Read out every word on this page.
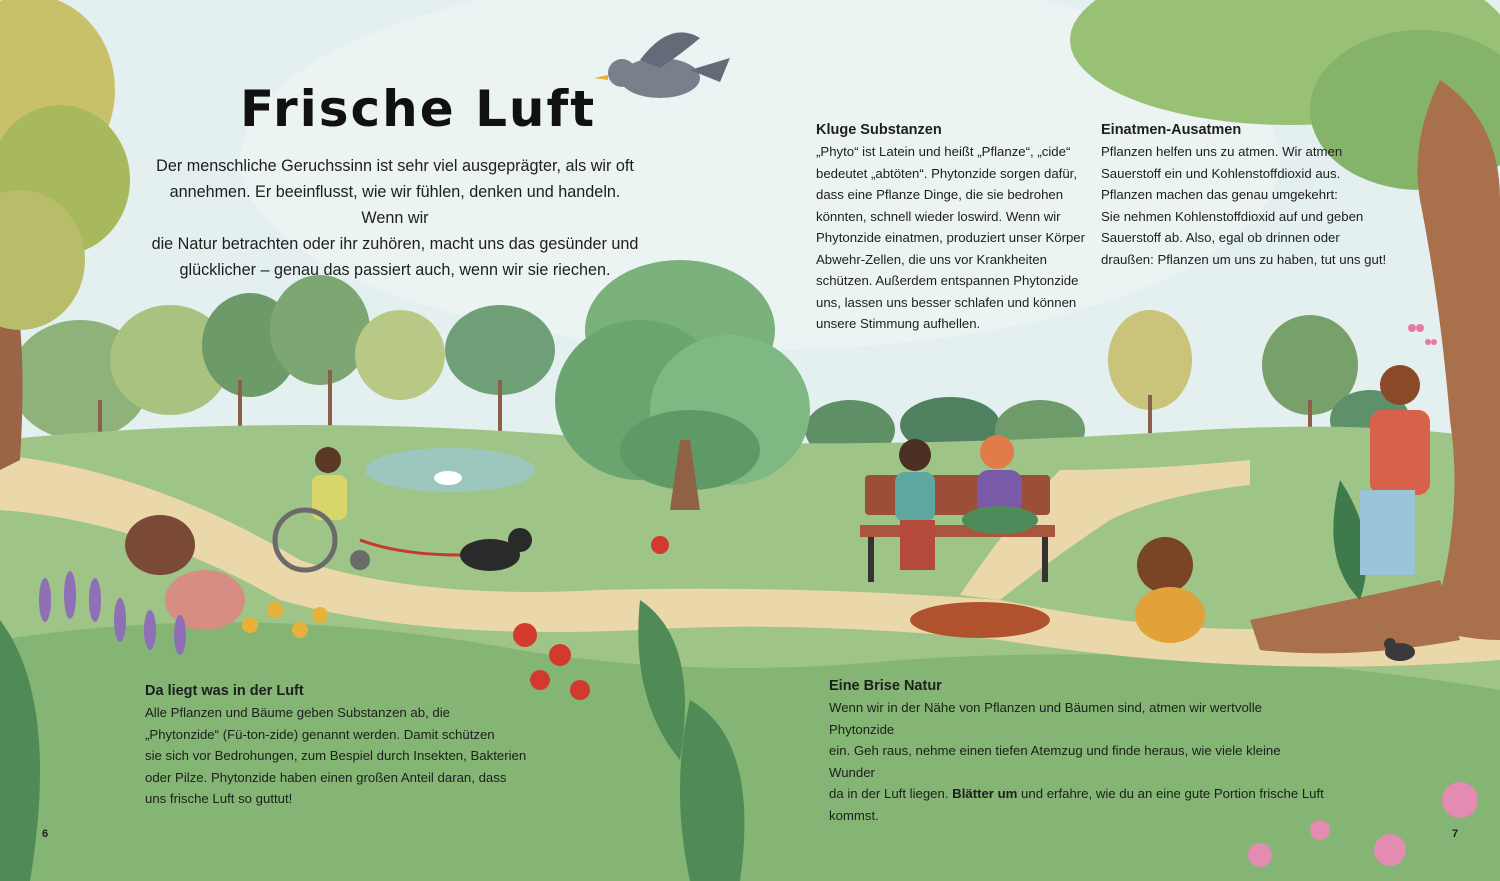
Frische Luft

Der menschliche Geruchssinn ist sehr viel ausgeprägter, als wir oft

annehmen. Er beeinflusst, wie wir fühlen, denken und handeln. Wenn wir

die Natur betrachten oder ihr zuhören, macht uns das gesünder und

glücklicher – genau das passiert auch, wenn wir sie riechen.

Kluge Substanzen

„Phyto“ ist Latein und heißt „Pflanze“, „cide“

bedeutet „abtöten“. Phytonzide sorgen dafür,

dass eine Pflanze Dinge, die sie bedrohen

könnten, schnell wieder loswird. Wenn wir

Phytonzide einatmen, produziert unser Körper

Abwehr-Zellen, die uns vor Krankheiten

schützen. Außerdem entspannen Phytonzide

uns, lassen uns besser schlafen und können

unsere Stimmung aufhellen.

Einatmen-Ausatmen

Pflanzen helfen uns zu atmen. Wir atmen

Sauerstoff ein und Kohlenstoffdioxid aus.

Pflanzen machen das genau umgekehrt:

Sie nehmen Kohlenstoffdioxid auf und geben

Sauerstoff ab. Also, egal ob drinnen oder

draußen: Pflanzen um uns zu haben, tut uns gut!

Da liegt was in der Luft

Alle Pflanzen und Bäume geben Substanzen ab, die

„Phytonzide“ (Fü-ton-zide) genannt werden. Damit schützen

sie sich vor Bedrohungen, zum Bespiel durch Insekten, Bakterien

oder Pilze. Phytonzide haben einen großen Anteil daran, dass

uns frische Luft so guttut!

Eine Brise Natur

Wenn wir in der Nähe von Pflanzen und Bäumen sind, atmen wir wertvolle Phytonzide

ein. Geh raus, nehme einen tiefen Atemzug und finde heraus, wie viele kleine Wunder

da in der Luft liegen. Blätter um und erfahre, wie du an eine gute Portion frische Luft

kommst.

6	7
